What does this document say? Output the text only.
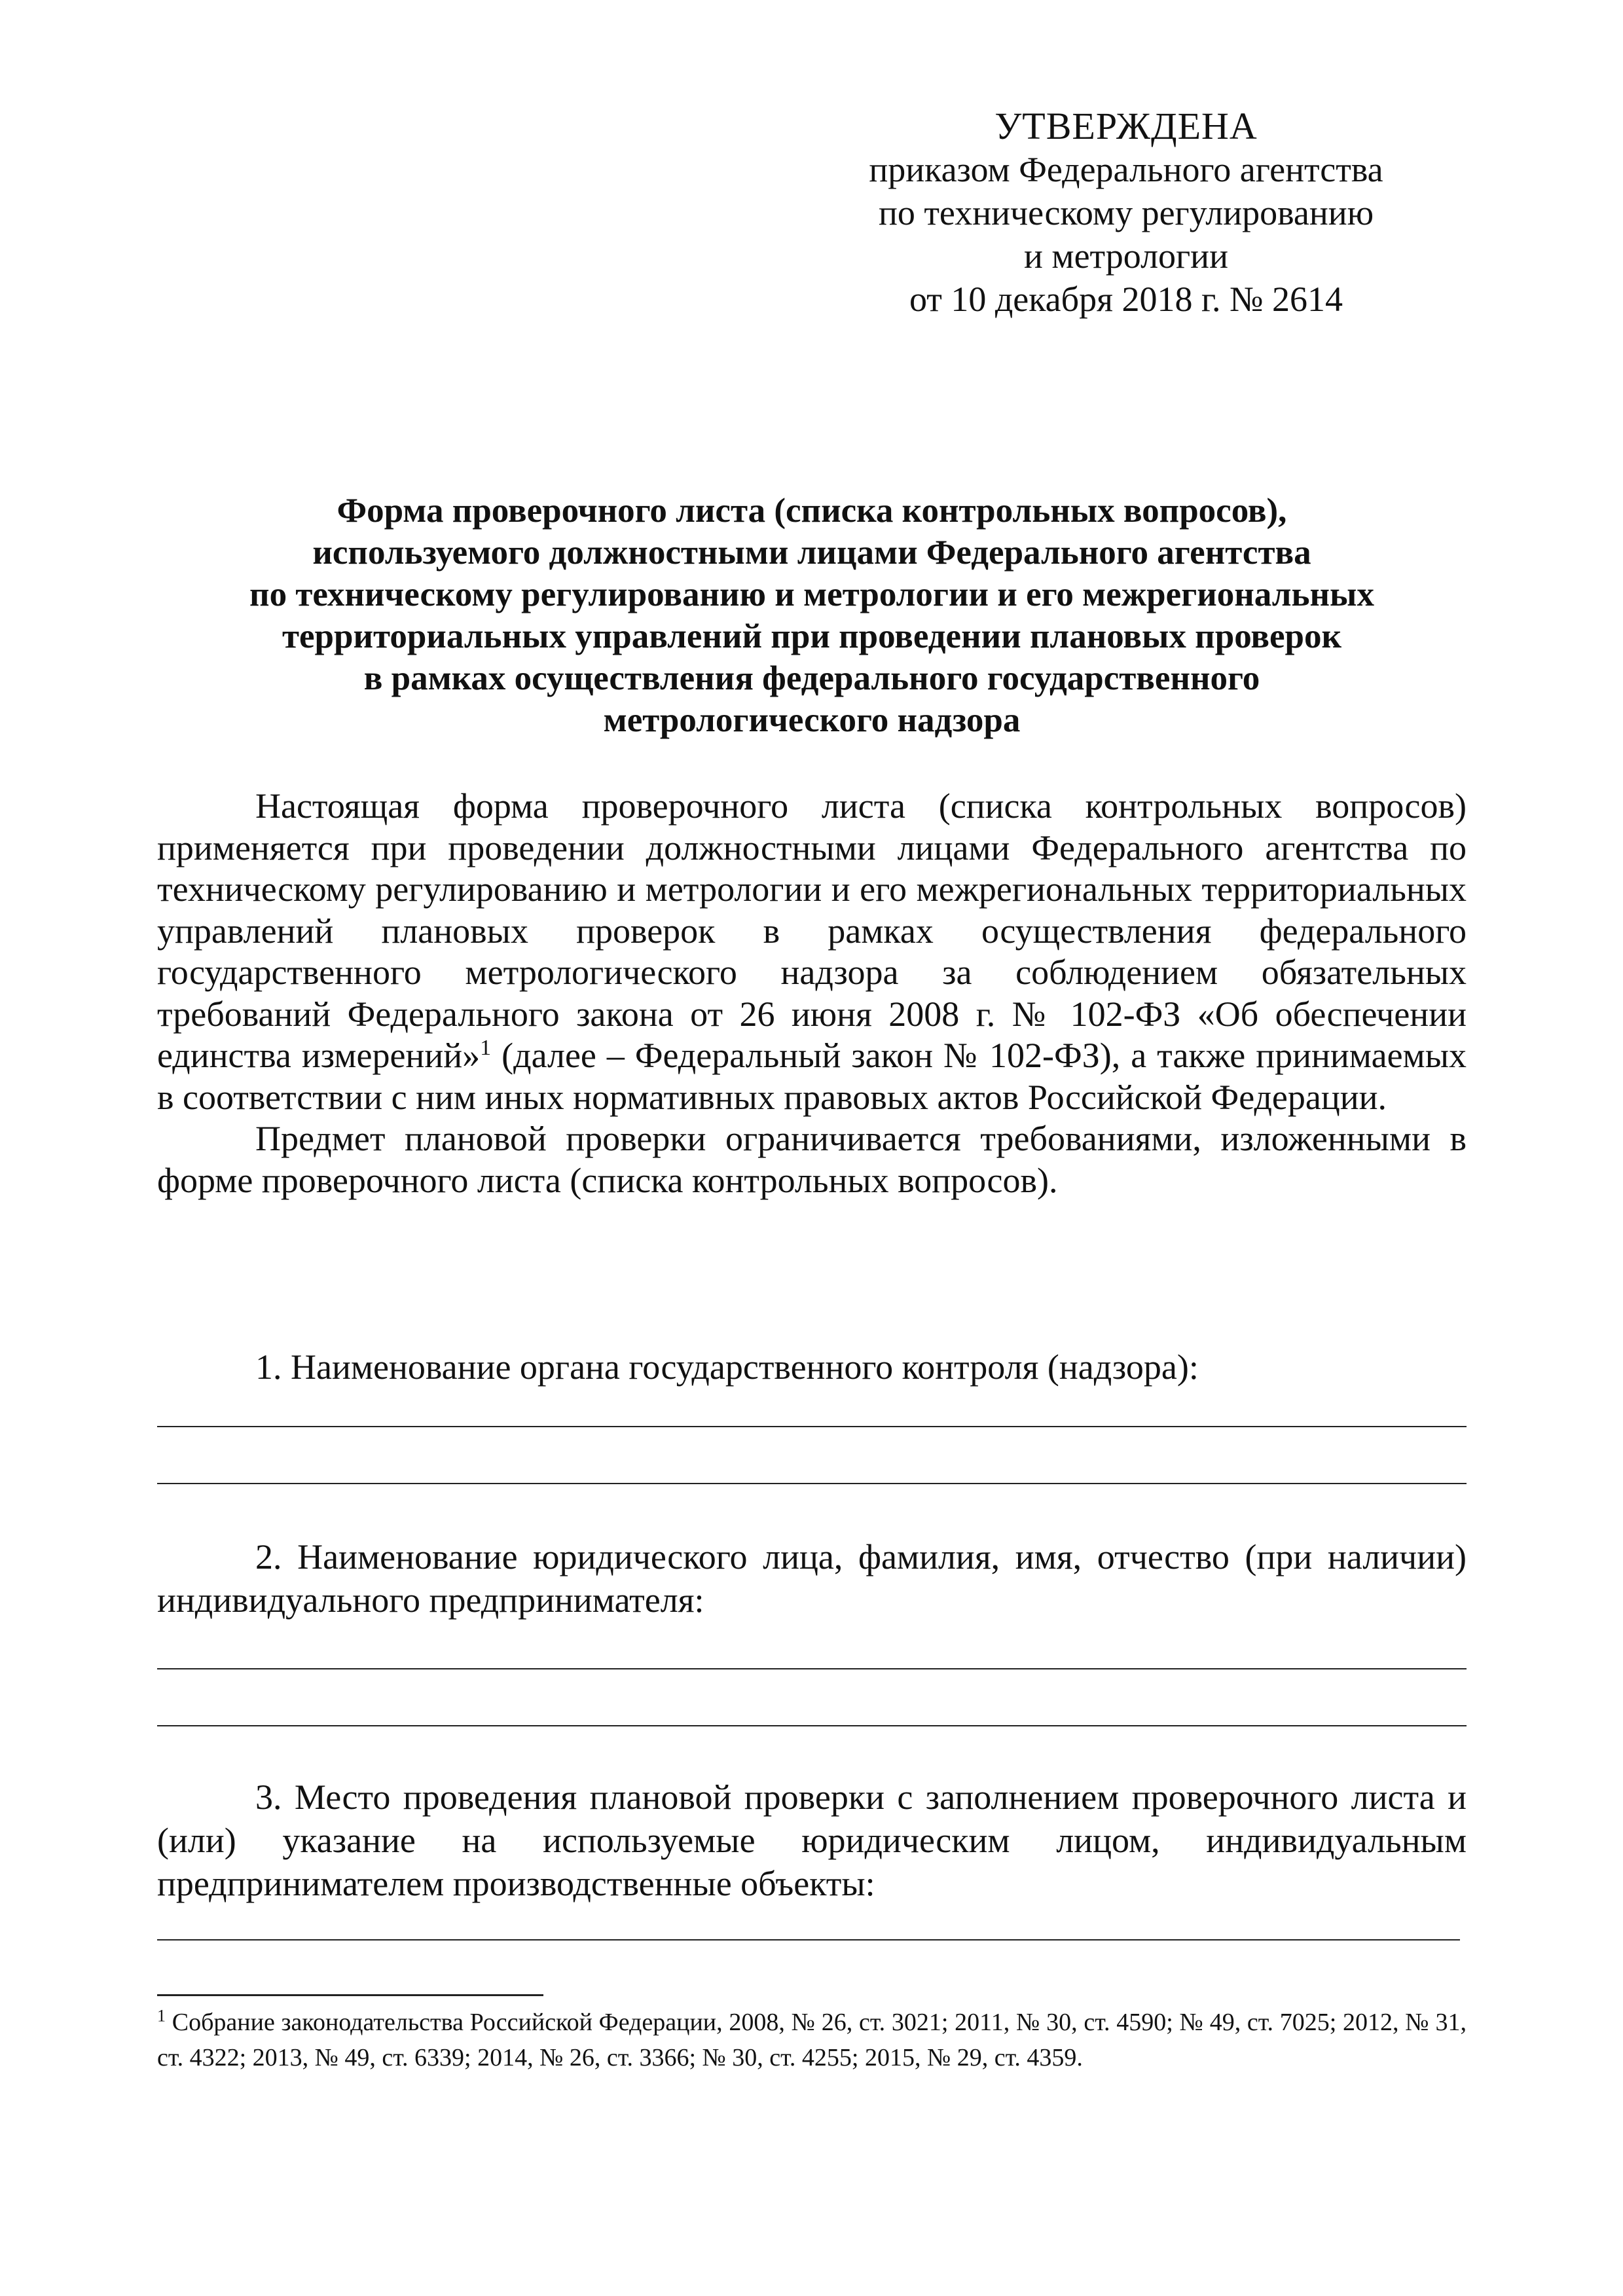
УТВЕРЖДЕНА
приказом Федерального агентства
по техническому регулированию
и метрологии
от 10 декабря 2018 г. № 2614
Форма проверочного листа (списка контрольных вопросов),
используемого должностными лицами Федерального агентства
по техническому регулированию и метрологии и его межрегиональных
территориальных управлений при проведении плановых проверок
в рамках осуществления федерального государственного
метрологического надзора

Настоящая форма проверочного листа (списка контрольных вопросов) применяется при проведении должностными лицами Федерального агентства по техническому регулированию и метрологии и его межрегиональных территориальных управлений плановых проверок в рамках осуществления федерального государственного метрологического надзора за соблюдением обязательных требований Федерального закона от 26 июня 2008 г. № 102-ФЗ «Об обеспечении единства измерений»$^1$ (далее – Федеральный закон № 102-ФЗ), а также принимаемых в соответствии с ним иных нормативных правовых актов Российской Федерации.

Предмет плановой проверки ограничивается требованиями, изложенными в форме проверочного листа (списка контрольных вопросов).

1. Наименование органа государственного контроля (надзора):

2. Наименование юридического лица, фамилия, имя, отчество (при наличии) индивидуального предпринимателя:

3. Место проведения плановой проверки с заполнением проверочного листа и (или) указание на используемые юридическим лицом, индивидуальным предпринимателем производственные объекты:

$^1$ Собрание законодательства Российской Федерации, 2008, № 26, ст. 3021; 2011, № 30, ст. 4590; № 49, ст. 7025; 2012, № 31, ст. 4322; 2013, № 49, ст. 6339; 2014, № 26, ст. 3366; № 30, ст. 4255; 2015, № 29, ст. 4359.
